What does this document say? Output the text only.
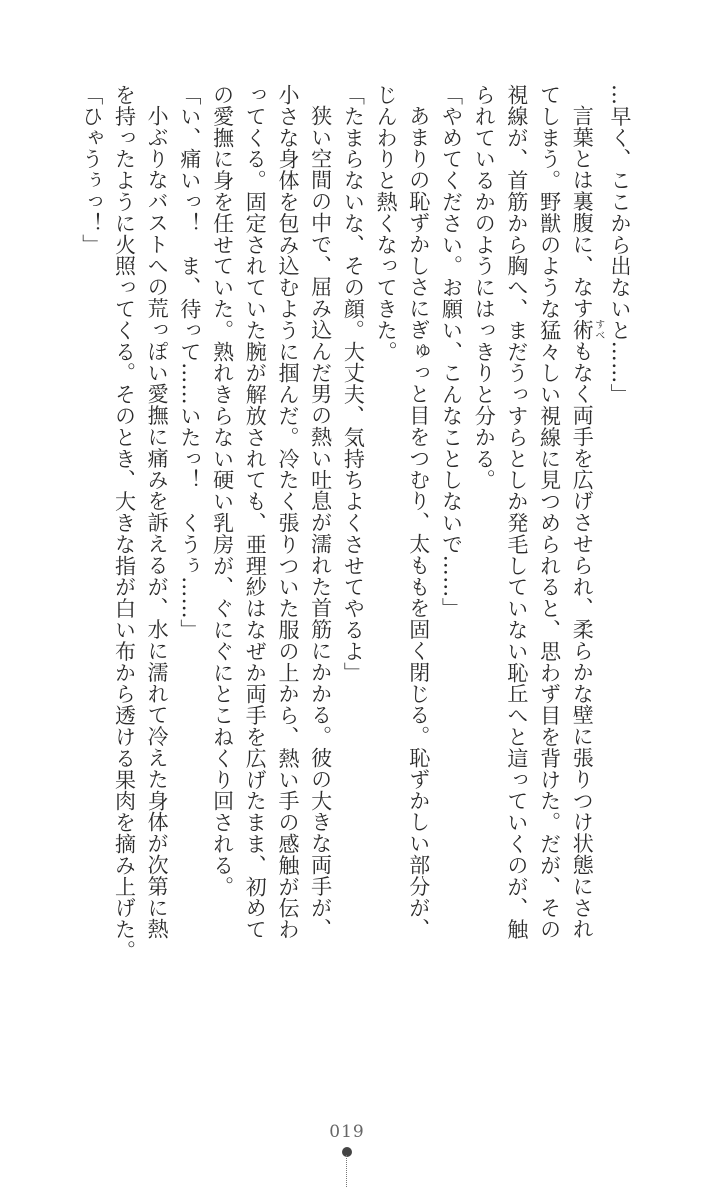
…早く、ここから出ないと……」
言葉とは裏腹に、なす術すべもなく両手を広げさせられ、柔らかな壁に張りつけ状態にされ
てしまう。野獣のような猛々しい視線に見つめられると、思わず目を背けた。だが、その
視線が、首筋から胸へ、まだうっすらとしか発毛していない恥丘へと這っていくのが、触
られているかのようにはっきりと分かる。
「やめてください。お願い、こんなことしないで……」
あまりの恥ずかしさにぎゅっと目をつむり、太ももを固く閉じる。恥ずかしい部分が、
じんわりと熱くなってきた。
「たまらないな、その顔。大丈夫、気持ちよくさせてやるよ」
狭い空間の中で、屈み込んだ男の熱い吐息が濡れた首筋にかかる。彼の大きな両手が、
小さな身体を包み込むように掴んだ。冷たく張りついた服の上から、熱い手の感触が伝わ
ってくる。固定されていた腕が解放されても、亜理紗はなぜか両手を広げたまま、初めて
の愛撫に身を任せていた。熟れきらない硬い乳房が、ぐにぐにとこねくり回される。
「い、痛いっ！　ま、待って……いたっ！　くうぅ……」
小ぶりなバストへの荒っぽい愛撫に痛みを訴えるが、水に濡れて冷えた身体が次第に熱
を持ったように火照ってくる。そのとき、大きな指が白い布から透ける果肉を摘み上げた。
「ひゃうぅっ！」
019
